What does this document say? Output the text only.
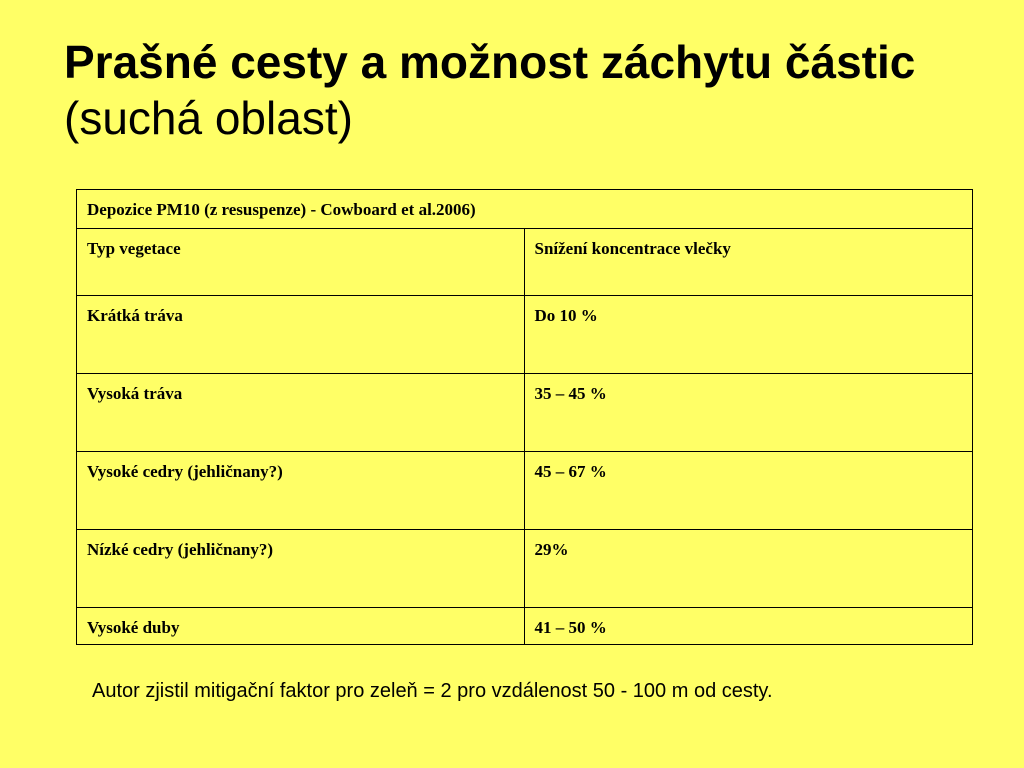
Prašné cesty a možnost záchytu částic (suchá oblast)
Depozice PM10 (z resuspenze) - Cowboard et al.2006)	
Typ vegetace	Snížení koncentrace vlečky
Krátká tráva	Do 10 %
Vysoká tráva	35 – 45 %
Vysoké cedry (jehličnany?)	45 – 67 %
Nízké cedry (jehličnany?)	29%
Vysoké duby	41 – 50 %
Autor zjistil mitigační faktor pro zeleň = 2 pro vzdálenost 50 - 100 m od cesty.
